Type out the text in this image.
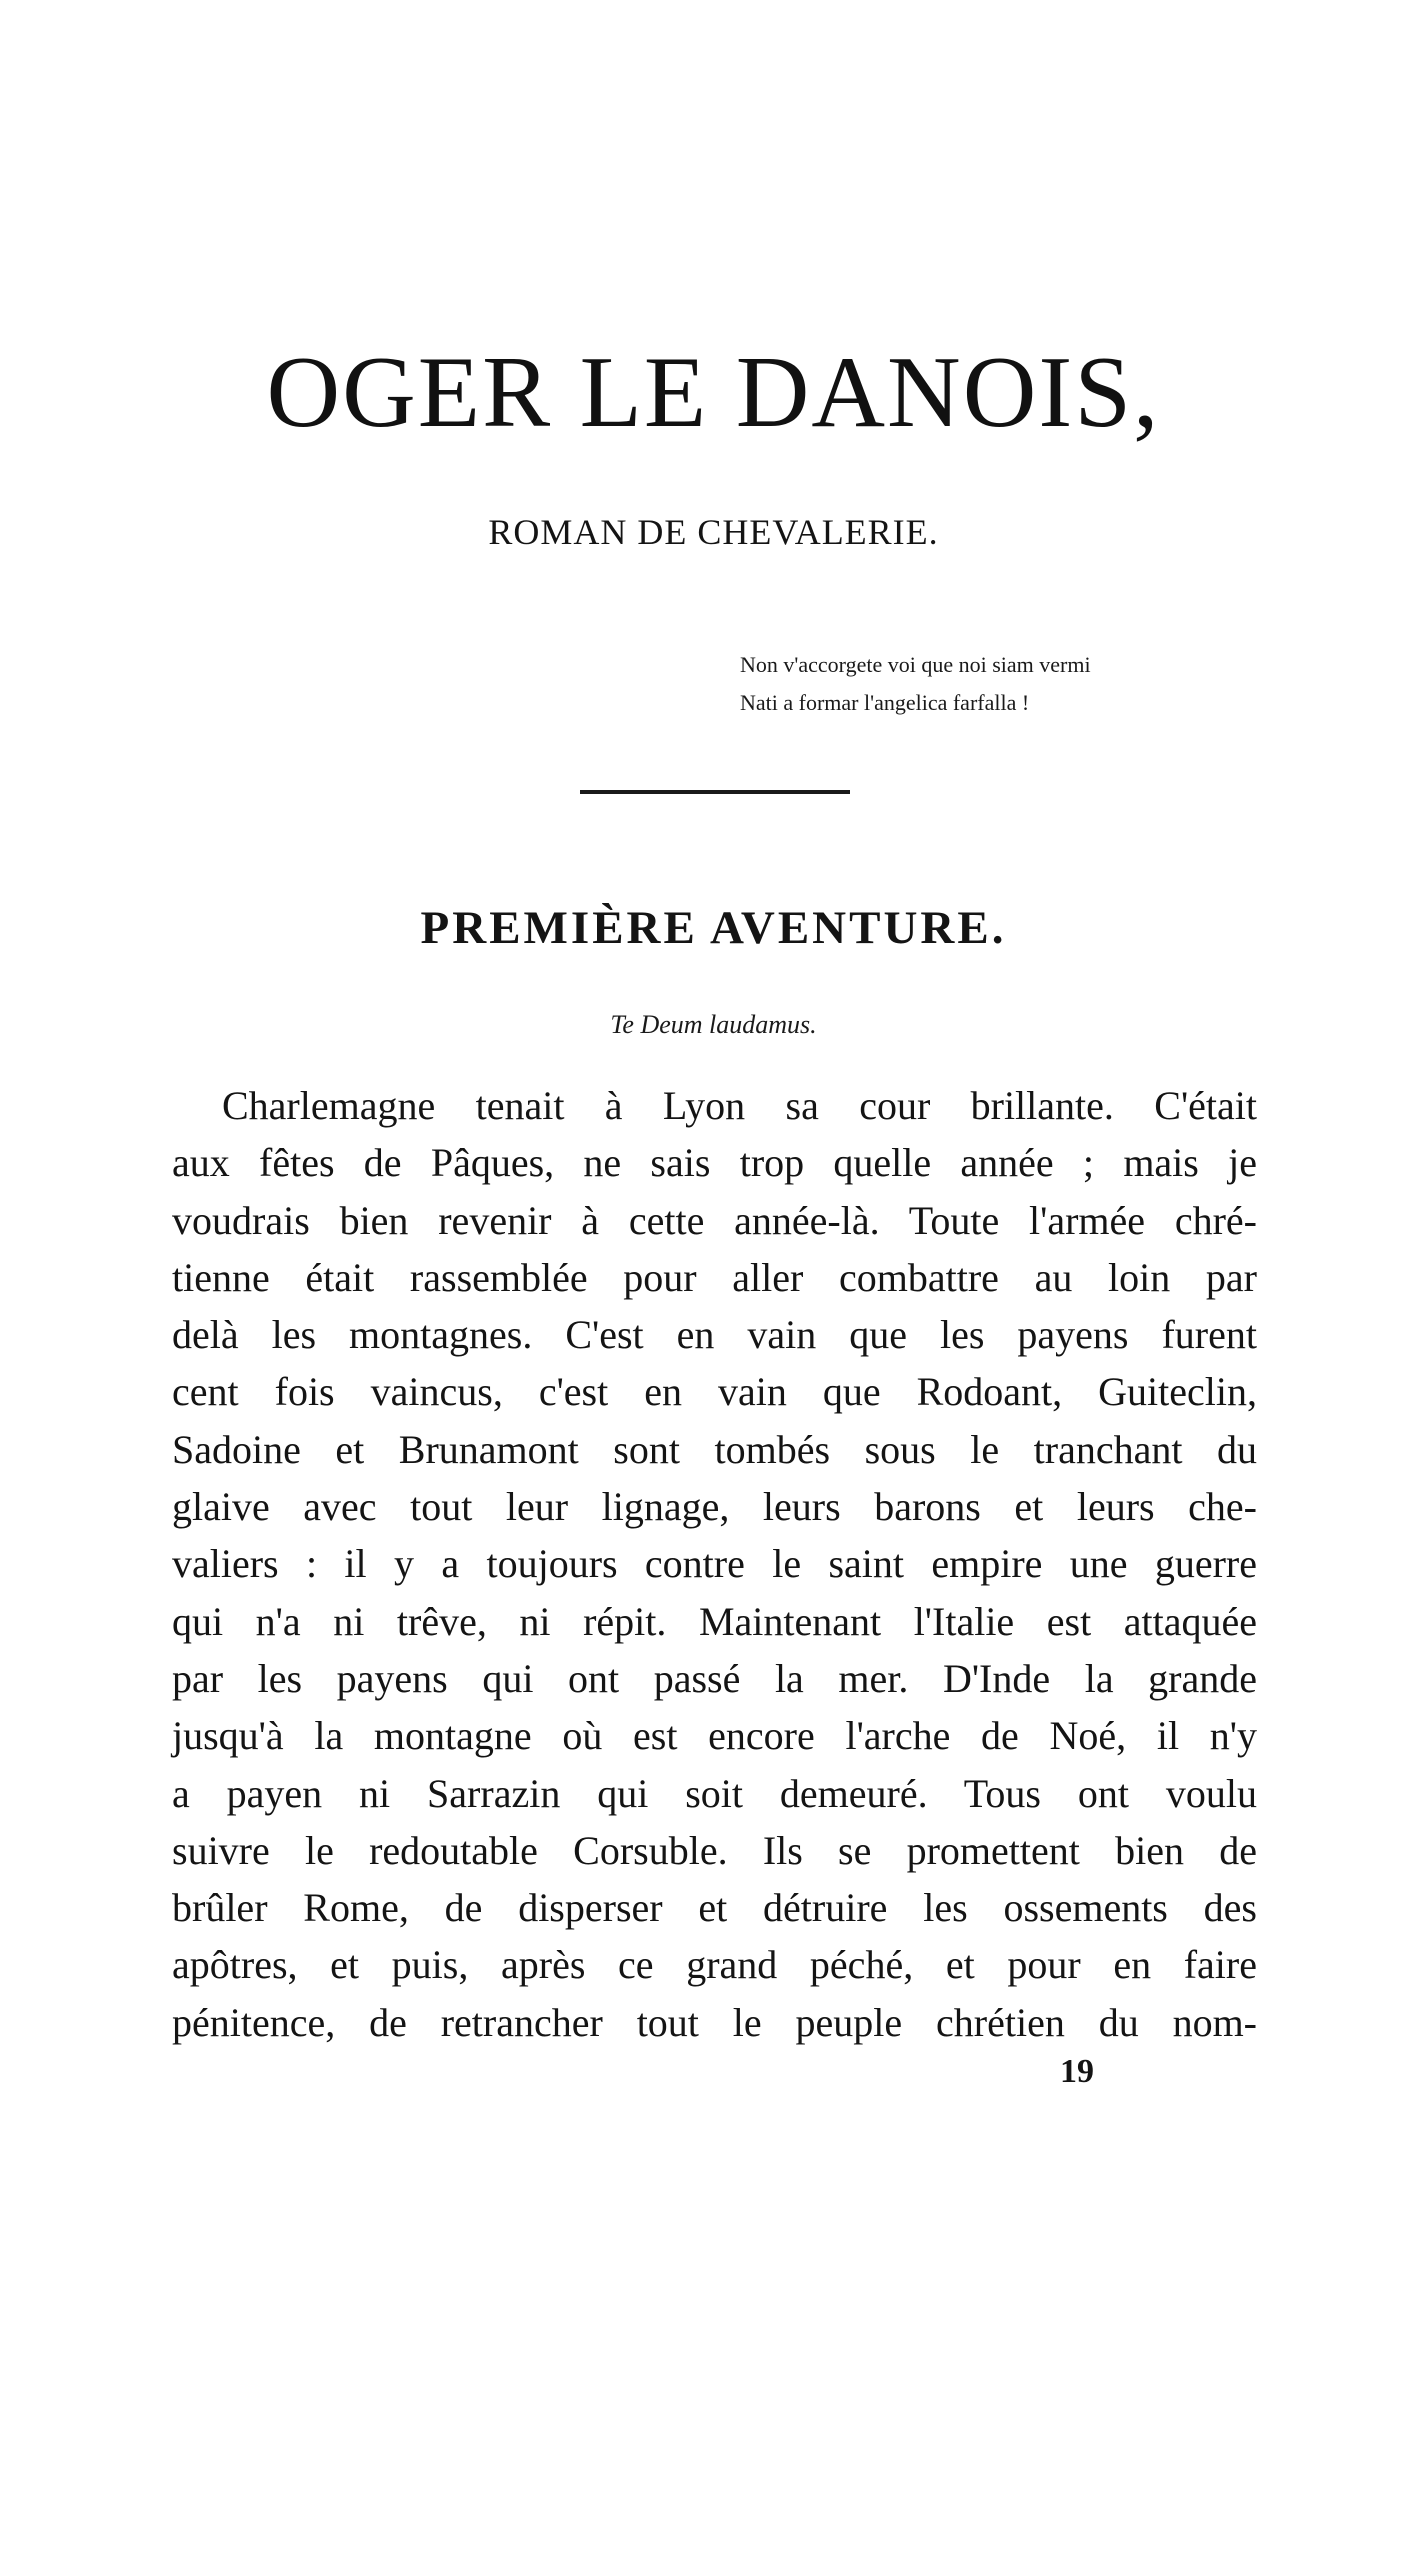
OGER LE DANOIS,
ROMAN DE CHEVALERIE.
Non v'accorgete voi que noi siam vermi
Nati a formar l'angelica farfalla !
PREMIÈRE AVENTURE.
Te Deum laudamus.
Charlemagne tenait à Lyon sa cour brillante. C'était
aux fêtes de Pâques, ne sais trop quelle année ; mais je
voudrais bien revenir à cette année-là. Toute l'armée chré-
tienne était rassemblée pour aller combattre au loin par
delà les montagnes. C'est en vain que les payens furent
cent fois vaincus, c'est en vain que Rodoant, Guiteclin,
Sadoine et Brunamont sont tombés sous le tranchant du
glaive avec tout leur lignage, leurs barons et leurs che-
valiers : il y a toujours contre le saint empire une guerre
qui n'a ni trêve, ni répit. Maintenant l'Italie est attaquée
par les payens qui ont passé la mer. D'Inde la grande
jusqu'à la montagne où est encore l'arche de Noé, il n'y
a payen ni Sarrazin qui soit demeuré. Tous ont voulu
suivre le redoutable Corsuble. Ils se promettent bien de
brûler Rome, de disperser et détruire les ossements des
apôtres, et puis, après ce grand péché, et pour en faire
pénitence, de retrancher tout le peuple chrétien du nom-
19
